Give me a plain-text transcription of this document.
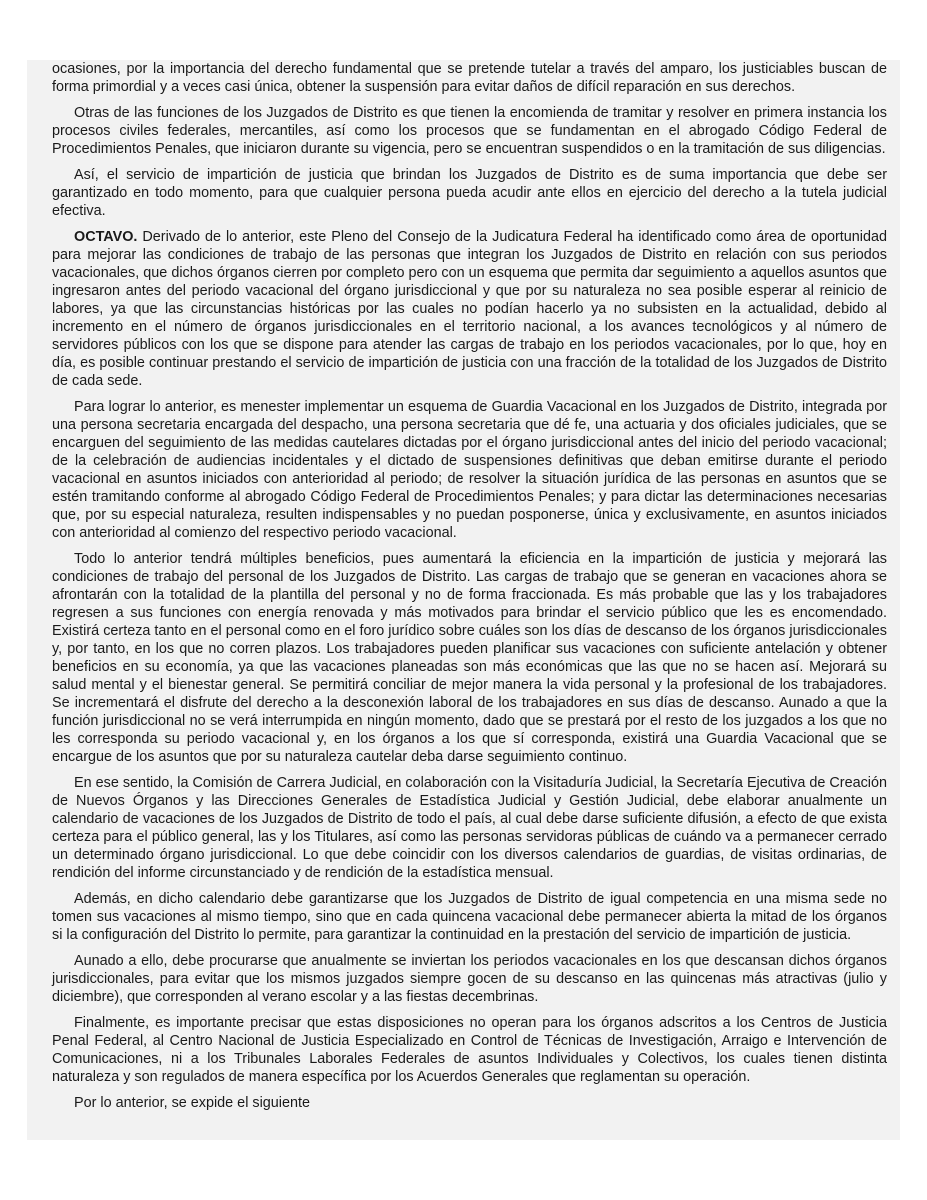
ocasiones, por la importancia del derecho fundamental que se pretende tutelar a través del amparo, los justiciables buscan de forma primordial y a veces casi única, obtener la suspensión para evitar daños de difícil reparación en sus derechos.

Otras de las funciones de los Juzgados de Distrito es que tienen la encomienda de tramitar y resolver en primera instancia los procesos civiles federales, mercantiles, así como los procesos que se fundamentan en el abrogado Código Federal de Procedimientos Penales, que iniciaron durante su vigencia, pero se encuentran suspendidos o en la tramitación de sus diligencias.

Así, el servicio de impartición de justicia que brindan los Juzgados de Distrito es de suma importancia que debe ser garantizado en todo momento, para que cualquier persona pueda acudir ante ellos en ejercicio del derecho a la tutela judicial efectiva.

OCTAVO. Derivado de lo anterior, este Pleno del Consejo de la Judicatura Federal ha identificado como área de oportunidad para mejorar las condiciones de trabajo de las personas que integran los Juzgados de Distrito en relación con sus periodos vacacionales, que dichos órganos cierren por completo pero con un esquema que permita dar seguimiento a aquellos asuntos que ingresaron antes del periodo vacacional del órgano jurisdiccional y que por su naturaleza no sea posible esperar al reinicio de labores, ya que las circunstancias históricas por las cuales no podían hacerlo ya no subsisten en la actualidad, debido al incremento en el número de órganos jurisdiccionales en el territorio nacional, a los avances tecnológicos y al número de servidores públicos con los que se dispone para atender las cargas de trabajo en los periodos vacacionales, por lo que, hoy en día, es posible continuar prestando el servicio de impartición de justicia con una fracción de la totalidad de los Juzgados de Distrito de cada sede.

Para lograr lo anterior, es menester implementar un esquema de Guardia Vacacional en los Juzgados de Distrito, integrada por una persona secretaria encargada del despacho, una persona secretaria que dé fe, una actuaria y dos oficiales judiciales, que se encarguen del seguimiento de las medidas cautelares dictadas por el órgano jurisdiccional antes del inicio del periodo vacacional; de la celebración de audiencias incidentales y el dictado de suspensiones definitivas que deban emitirse durante el periodo vacacional en asuntos iniciados con anterioridad al periodo; de resolver la situación jurídica de las personas en asuntos que se estén tramitando conforme al abrogado Código Federal de Procedimientos Penales; y para dictar las determinaciones necesarias que, por su especial naturaleza, resulten indispensables y no puedan posponerse, única y exclusivamente, en asuntos iniciados con anterioridad al comienzo del respectivo periodo vacacional.

Todo lo anterior tendrá múltiples beneficios, pues aumentará la eficiencia en la impartición de justicia y mejorará las condiciones de trabajo del personal de los Juzgados de Distrito. Las cargas de trabajo que se generan en vacaciones ahora se afrontarán con la totalidad de la plantilla del personal y no de forma fraccionada. Es más probable que las y los trabajadores regresen a sus funciones con energía renovada y más motivados para brindar el servicio público que les es encomendado. Existirá certeza tanto en el personal como en el foro jurídico sobre cuáles son los días de descanso de los órganos jurisdiccionales y, por tanto, en los que no corren plazos. Los trabajadores pueden planificar sus vacaciones con suficiente antelación y obtener beneficios en su economía, ya que las vacaciones planeadas son más económicas que las que no se hacen así. Mejorará su salud mental y el bienestar general. Se permitirá conciliar de mejor manera la vida personal y la profesional de los trabajadores. Se incrementará el disfrute del derecho a la desconexión laboral de los trabajadores en sus días de descanso. Aunado a que la función jurisdiccional no se verá interrumpida en ningún momento, dado que se prestará por el resto de los juzgados a los que no les corresponda su periodo vacacional y, en los órganos a los que sí corresponda, existirá una Guardia Vacacional que se encargue de los asuntos que por su naturaleza cautelar deba darse seguimiento continuo.

En ese sentido, la Comisión de Carrera Judicial, en colaboración con la Visitaduría Judicial, la Secretaría Ejecutiva de Creación de Nuevos Órganos y las Direcciones Generales de Estadística Judicial y Gestión Judicial, debe elaborar anualmente un calendario de vacaciones de los Juzgados de Distrito de todo el país, al cual debe darse suficiente difusión, a efecto de que exista certeza para el público general, las y los Titulares, así como las personas servidoras públicas de cuándo va a permanecer cerrado un determinado órgano jurisdiccional. Lo que debe coincidir con los diversos calendarios de guardias, de visitas ordinarias, de rendición del informe circunstanciado y de rendición de la estadística mensual.

Además, en dicho calendario debe garantizarse que los Juzgados de Distrito de igual competencia en una misma sede no tomen sus vacaciones al mismo tiempo, sino que en cada quincena vacacional debe permanecer abierta la mitad de los órganos si la configuración del Distrito lo permite, para garantizar la continuidad en la prestación del servicio de impartición de justicia.

Aunado a ello, debe procurarse que anualmente se inviertan los periodos vacacionales en los que descansan dichos órganos jurisdiccionales, para evitar que los mismos juzgados siempre gocen de su descanso en las quincenas más atractivas (julio y diciembre), que corresponden al verano escolar y a las fiestas decembrinas.

Finalmente, es importante precisar que estas disposiciones no operan para los órganos adscritos a los Centros de Justicia Penal Federal, al Centro Nacional de Justicia Especializado en Control de Técnicas de Investigación, Arraigo e Intervención de Comunicaciones, ni a los Tribunales Laborales Federales de asuntos Individuales y Colectivos, los cuales tienen distinta naturaleza y son regulados de manera específica por los Acuerdos Generales que reglamentan su operación.

Por lo anterior, se expide el siguiente
